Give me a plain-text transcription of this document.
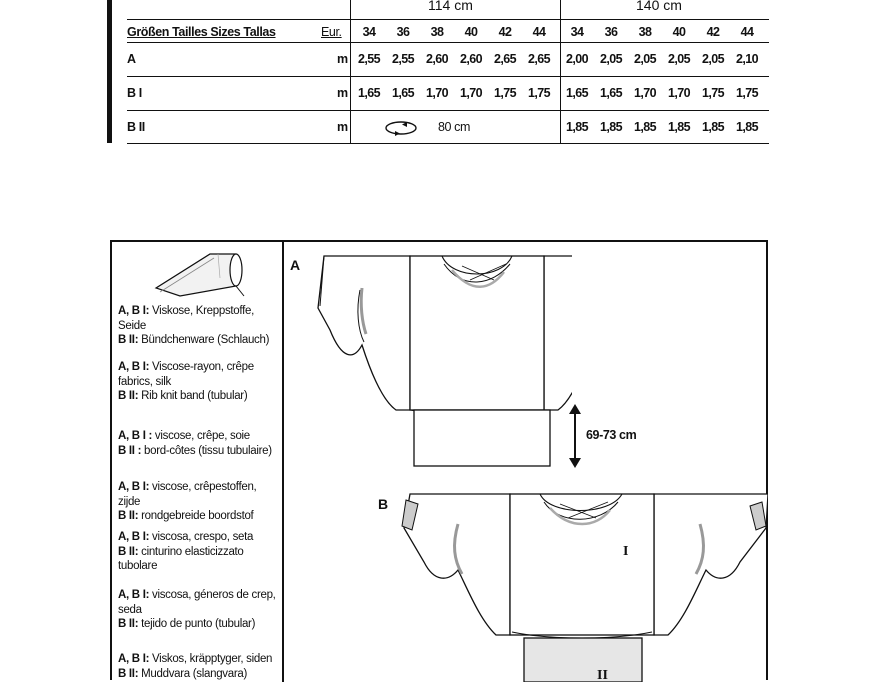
114 cm	140 cm
Größen Tailles Sizes Tallas	Eur.	34	36	38	40	42	44	34	36	38	40	42	44
A	m 2,55 2,55 2,60 2,60 2,65 2,65	2,00 2,05 2,05 2,05 2,05 2,10
B I	m 1,65 1,65 1,70 1,70 1,75 1,75	1,65 1,65 1,70 1,70 1,75 1,75
B II	m	80 cm	1,85 1,85 1,85 1,85 1,85 1,85
A, B I: Viskose, Kreppstoffe, Seide
B II: Bündchenware (Schlauch)
A, B I: Viscose-rayon, crêpe fabrics, silk
B II: Rib knit band (tubular)
A, B I : viscose, crêpe, soie
B II : bord-côtes (tissu tubulaire)
A, B I: viscose, crêpestoffen, zijde
B II: rondgebreide boordstof
A, B I: viscosa, crespo, seta
B II: cinturino elasticizzato tubolare
A, B I: viscosa, géneros de crep, seda
B II: tejido de punto (tubular)
A, B I: Viskos, kräpptyger, siden
B II: Muddvara (slangvara)
A
B
69-73 cm
I
II
